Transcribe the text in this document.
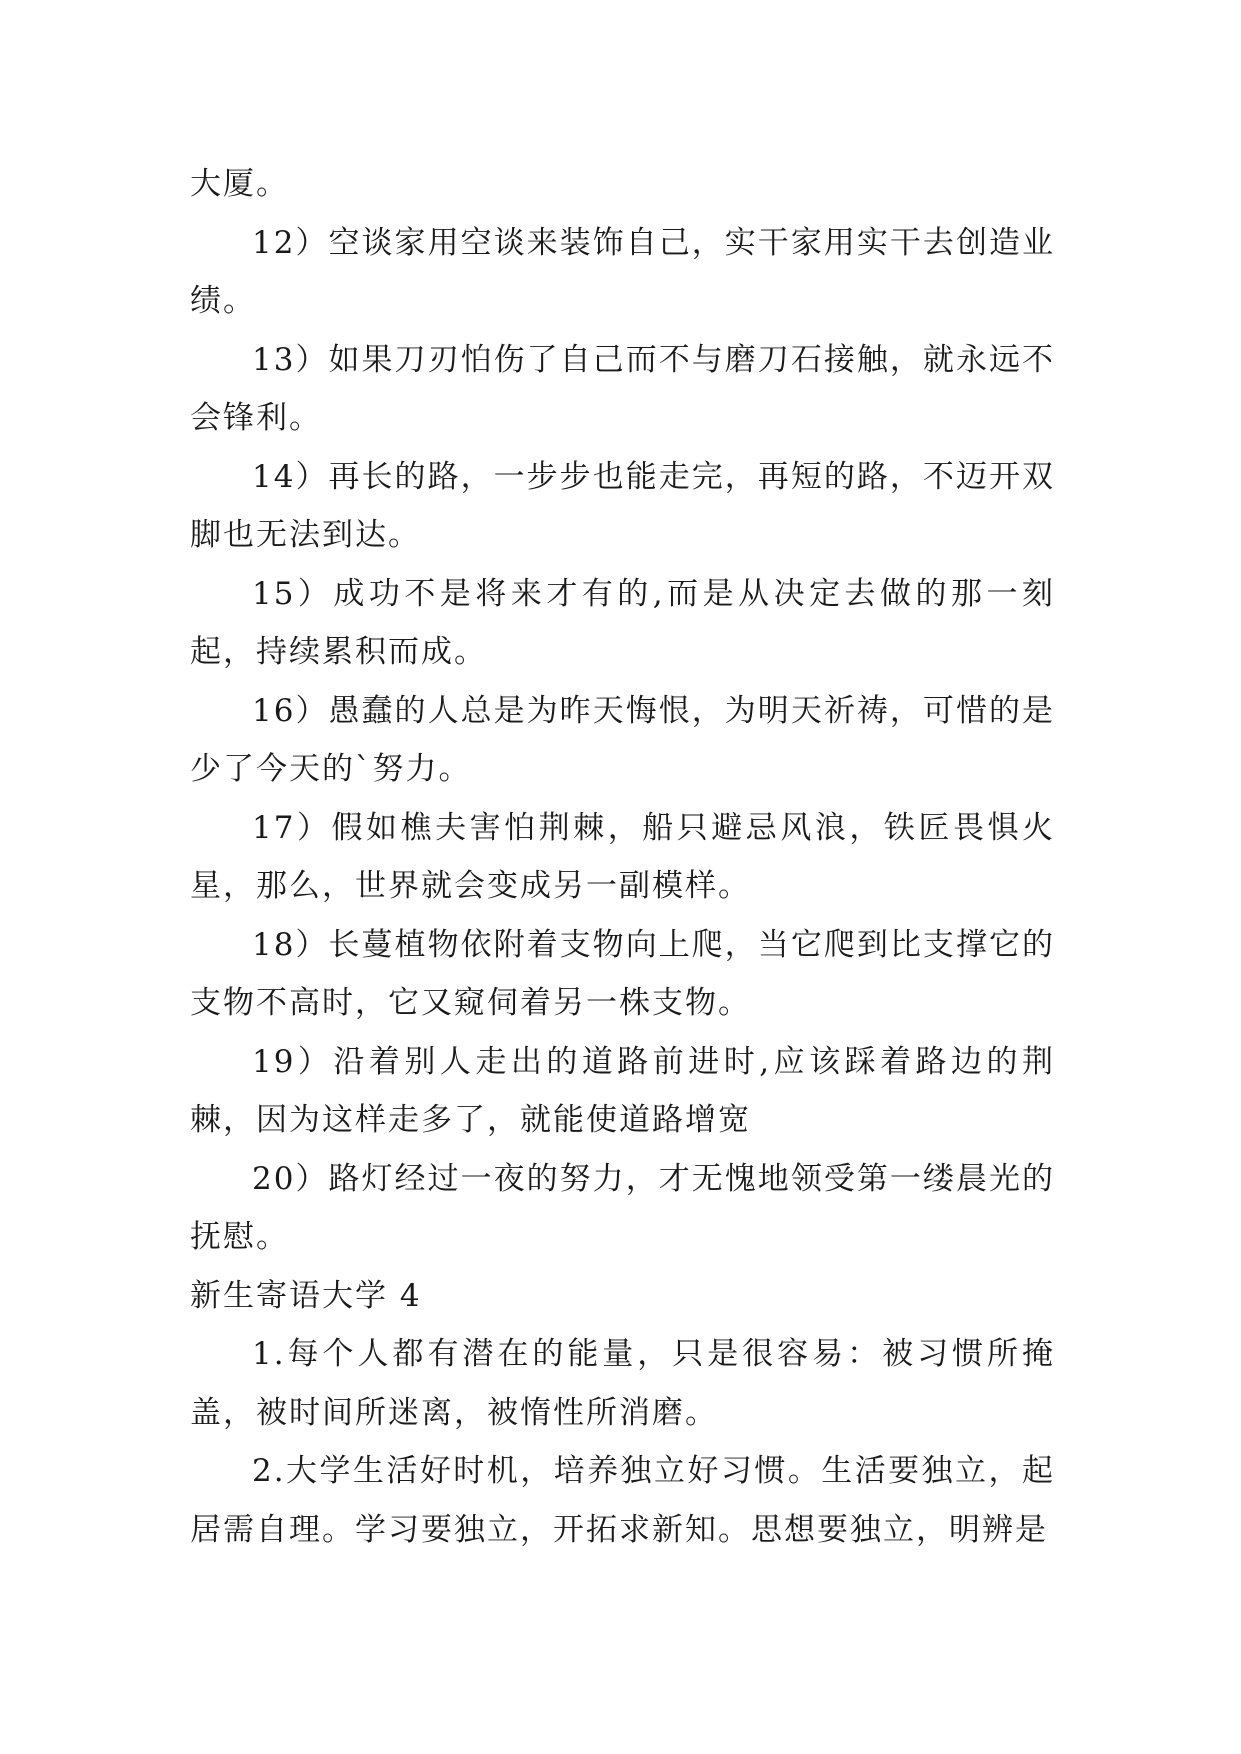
大厦。

12）空谈家用空谈来装饰自己，实干家用实干去创造业绩。

13）如果刀刃怕伤了自己而不与磨刀石接触，就永远不会锋利。

14）再长的路，一步步也能走完，再短的路，不迈开双脚也无法到达。

15）成功不是将来才有的,而是从决定去做的那一刻起，持续累积而成。

16）愚蠢的人总是为昨天悔恨，为明天祈祷，可惜的是少了今天的`努力。

17）假如樵夫害怕荆棘，船只避忌风浪，铁匠畏惧火星，那么，世界就会变成另一副模样。

18）长蔓植物依附着支物向上爬，当它爬到比支撑它的支物不高时，它又窥伺着另一株支物。

19）沿着别人走出的道路前进时,应该踩着路边的荆棘，因为这样走多了，就能使道路增宽

20）路灯经过一夜的努力，才无愧地领受第一缕晨光的抚慰。

新生寄语大学 4

1.每个人都有潜在的能量，只是很容易：被习惯所掩盖，被时间所迷离，被惰性所消磨。

2.大学生活好时机，培养独立好习惯。生活要独立，起居需自理。学习要独立，开拓求新知。思想要独立，明辨是
